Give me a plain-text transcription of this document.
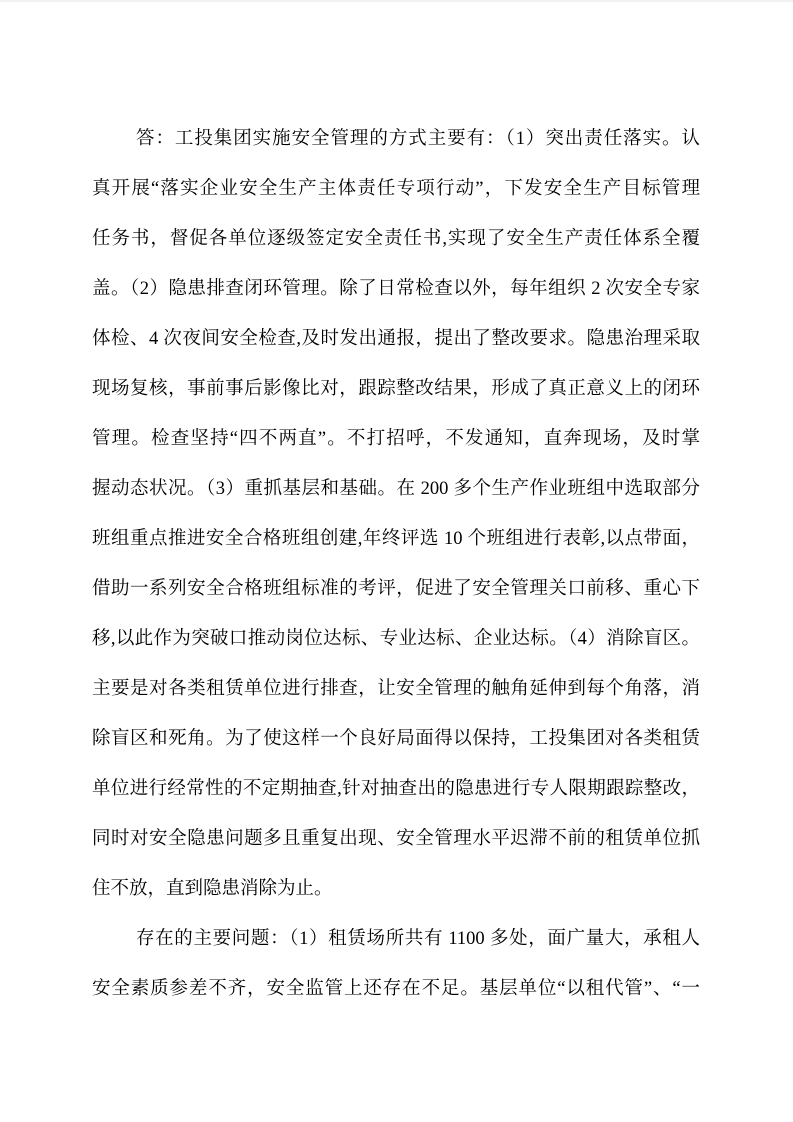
答：工投集团实施安全管理的方式主要有：（1）突出责任落实。认
真开展“落实企业安全生产主体责任专项行动”，下发安全生产目标管理
任务书，督促各单位逐级签定安全责任书,实现了安全生产责任体系全覆
盖。（2）隐患排查闭环管理。除了日常检查以外，每年组织 2 次安全专家
体检、4 次夜间安全检查,及时发出通报，提出了整改要求。隐患治理采取
现场复核，事前事后影像比对，跟踪整改结果，形成了真正意义上的闭环
管理。检查坚持“四不两直”。不打招呼，不发通知，直奔现场，及时掌
握动态状况。（3）重抓基层和基础。在 200 多个生产作业班组中选取部分
班组重点推进安全合格班组创建,年终评选 10 个班组进行表彰,以点带面，
借助一系列安全合格班组标准的考评，促进了安全管理关口前移、重心下
移,以此作为突破口推动岗位达标、专业达标、企业达标。（4）消除盲区。
主要是对各类租赁单位进行排查，让安全管理的触角延伸到每个角落，消
除盲区和死角。为了使这样一个良好局面得以保持，工投集团对各类租赁
单位进行经常性的不定期抽查,针对抽查出的隐患进行专人限期跟踪整改，
同时对安全隐患问题多且重复出现、安全管理水平迟滞不前的租赁单位抓
住不放，直到隐患消除为止。
存在的主要问题：（1）租赁场所共有 1100 多处，面广量大，承租人
安全素质参差不齐，安全监管上还存在不足。基层单位“以租代管”、“一
